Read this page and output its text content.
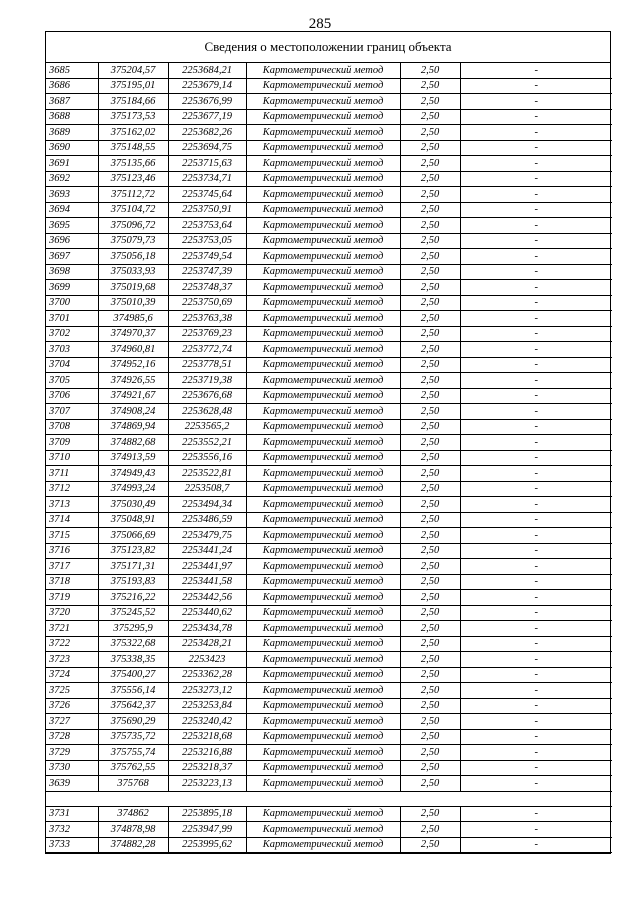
285
Сведения о местоположении границ объекта
3685	375204,57	2253684,21	Картометрический метод	2,50	-
3686	375195,01	2253679,14	Картометрический метод	2,50	-
3687	375184,66	2253676,99	Картометрический метод	2,50	-
3688	375173,53	2253677,19	Картометрический метод	2,50	-
3689	375162,02	2253682,26	Картометрический метод	2,50	-
3690	375148,55	2253694,75	Картометрический метод	2,50	-
3691	375135,66	2253715,63	Картометрический метод	2,50	-
3692	375123,46	2253734,71	Картометрический метод	2,50	-
3693	375112,72	2253745,64	Картометрический метод	2,50	-
3694	375104,72	2253750,91	Картометрический метод	2,50	-
3695	375096,72	2253753,64	Картометрический метод	2,50	-
3696	375079,73	2253753,05	Картометрический метод	2,50	-
3697	375056,18	2253749,54	Картометрический метод	2,50	-
3698	375033,93	2253747,39	Картометрический метод	2,50	-
3699	375019,68	2253748,37	Картометрический метод	2,50	-
3700	375010,39	2253750,69	Картометрический метод	2,50	-
3701	374985,6	2253763,38	Картометрический метод	2,50	-
3702	374970,37	2253769,23	Картометрический метод	2,50	-
3703	374960,81	2253772,74	Картометрический метод	2,50	-
3704	374952,16	2253778,51	Картометрический метод	2,50	-
3705	374926,55	2253719,38	Картометрический метод	2,50	-
3706	374921,67	2253676,68	Картометрический метод	2,50	-
3707	374908,24	2253628,48	Картометрический метод	2,50	-
3708	374869,94	2253565,2	Картометрический метод	2,50	-
3709	374882,68	2253552,21	Картометрический метод	2,50	-
3710	374913,59	2253556,16	Картометрический метод	2,50	-
3711	374949,43	2253522,81	Картометрический метод	2,50	-
3712	374993,24	2253508,7	Картометрический метод	2,50	-
3713	375030,49	2253494,34	Картометрический метод	2,50	-
3714	375048,91	2253486,59	Картометрический метод	2,50	-
3715	375066,69	2253479,75	Картометрический метод	2,50	-
3716	375123,82	2253441,24	Картометрический метод	2,50	-
3717	375171,31	2253441,97	Картометрический метод	2,50	-
3718	375193,83	2253441,58	Картометрический метод	2,50	-
3719	375216,22	2253442,56	Картометрический метод	2,50	-
3720	375245,52	2253440,62	Картометрический метод	2,50	-
3721	375295,9	2253434,78	Картометрический метод	2,50	-
3722	375322,68	2253428,21	Картометрический метод	2,50	-
3723	375338,35	2253423	Картометрический метод	2,50	-
3724	375400,27	2253362,28	Картометрический метод	2,50	-
3725	375556,14	2253273,12	Картометрический метод	2,50	-
3726	375642,37	2253253,84	Картометрический метод	2,50	-
3727	375690,29	2253240,42	Картометрический метод	2,50	-
3728	375735,72	2253218,68	Картометрический метод	2,50	-
3729	375755,74	2253216,88	Картометрический метод	2,50	-
3730	375762,55	2253218,37	Картометрический метод	2,50	-
3639	375768	2253223,13	Картометрический метод	2,50	-

3731	374862	2253895,18	Картометрический метод	2,50	-
3732	374878,98	2253947,99	Картометрический метод	2,50	-
3733	374882,28	2253995,62	Картометрический метод	2,50	-
